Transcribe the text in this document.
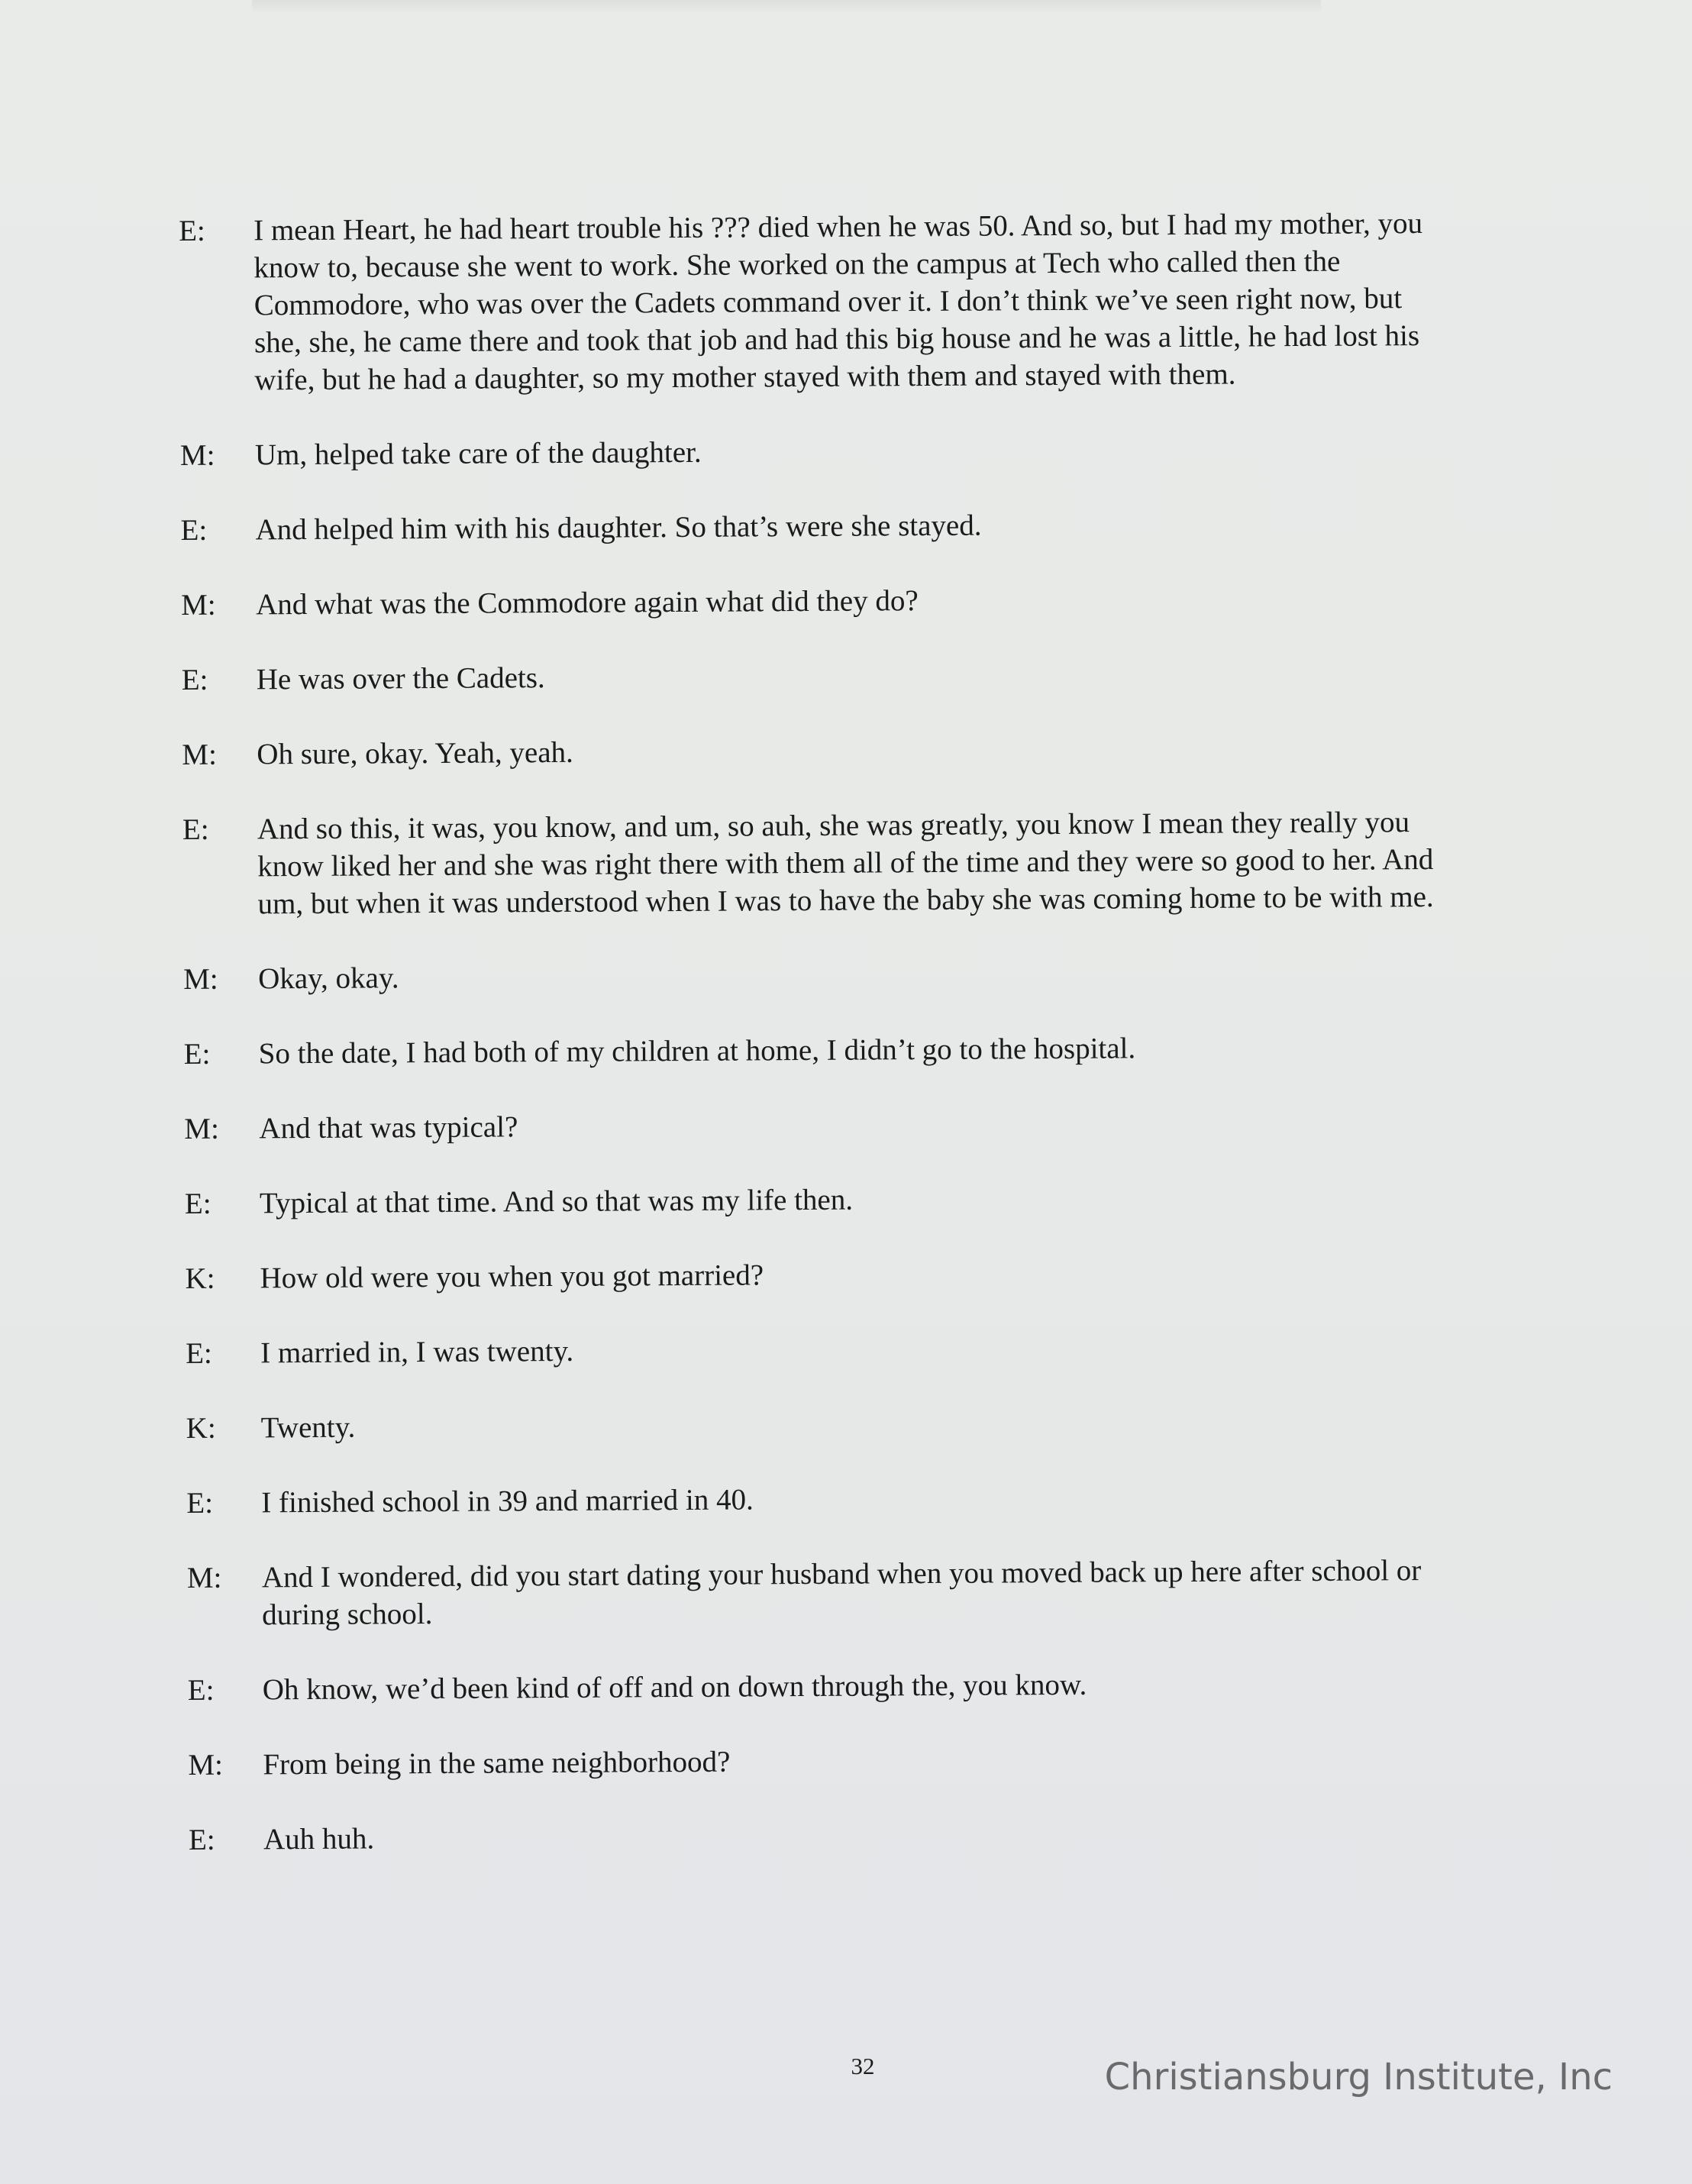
E:	I mean Heart, he had heart trouble his ??? died when he was 50. And so, but I had my mother, you know to, because she went to work. She worked on the campus at Tech who called then the Commodore, who was over the Cadets command over it. I don’t think we’ve seen right now, but she, she, he came there and took that job and had this big house and he was a little, he had lost his wife, but he had a daughter, so my mother stayed with them and stayed with them.
M:	Um, helped take care of the daughter.
E:	And helped him with his daughter. So that’s were she stayed.
M:	And what was the Commodore again what did they do?
E:	He was over the Cadets.
M:	Oh sure, okay. Yeah, yeah.
E:	And so this, it was, you know, and um, so auh, she was greatly, you know I mean they really you know liked her and she was right there with them all of the time and they were so good to her. And um, but when it was understood when I was to have the baby she was coming home to be with me.
M:	Okay, okay.
E:	So the date, I had both of my children at home, I didn’t go to the hospital.
M:	And that was typical?
E:	Typical at that time. And so that was my life then.
K:	How old were you when you got married?
E:	I married in, I was twenty.
K:	Twenty.
E:	I finished school in 39 and married in 40.
M:	And I wondered, did you start dating your husband when you moved back up here after school or during school.
E:	Oh know, we’d been kind of off and on down through the, you know.
M:	From being in the same neighborhood?
E:	Auh huh.
32	Christiansburg Institute, Inc
